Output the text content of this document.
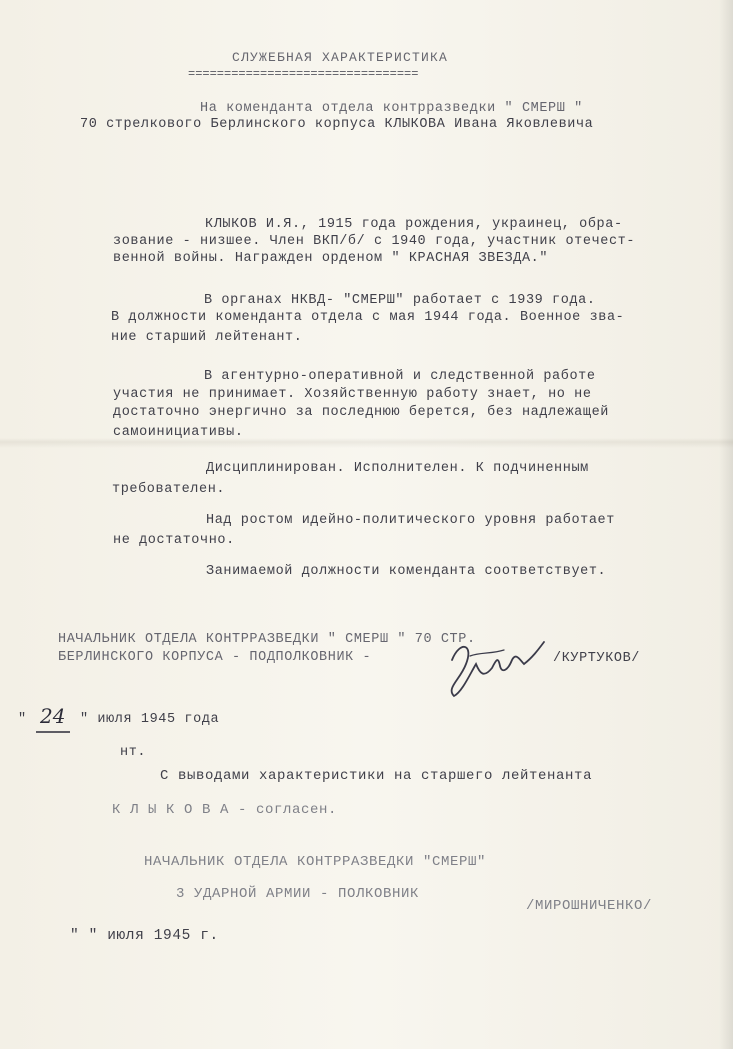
СЛУЖЕБНАЯ ХАРАКТЕРИСТИКА
================================
На коменданта отдела контрразведки " СМЕРШ "
70 стрелкового Берлинского корпуса КЛЫКОВА Ивана Яковлевича
КЛЫКОВ И.Я., 1915 года рождения, украинец, обра-
зование - низшее. Член ВКП/б/ с 1940 года, участник отечест-
венной войны. Награжден орденом " КРАСНАЯ ЗВЕЗДА."
В органах НКВД- "СМЕРШ" работает с 1939 года.
В должности коменданта отдела с мая 1944 года. Военное зва-
ние старший лейтенант.
В агентурно-оперативной и следственной работе
участия не принимает. Хозяйственную работу знает, но не
достаточно энергично за последнюю берется, без надлежащей
самоинициативы.
Дисциплинирован. Исполнителен. К подчиненным
требователен.
Над ростом идейно-политического уровня работает
не достаточно.
Занимаемой должности коменданта соответствует.
НАЧАЛЬНИК ОТДЕЛА КОНТРРАЗВЕДКИ " СМЕРШ " 70 СТР.
БЕРЛИНСКОГО КОРПУСА - ПОДПОЛКОВНИК -	/КУРТУКОВ/
" 24 " июля 1945 года
нт.
С выводами характеристики на старшего лейтенанта
К Л Ы К О В А - согласен.
НАЧАЛЬНИК ОТДЕЛА КОНТРРАЗВЕДКИ "СМЕРШ"
3 УДАРНОЙ АРМИИ - ПОЛКОВНИК
/МИРОШНИЧЕНКО/
" " июля 1945 г.
